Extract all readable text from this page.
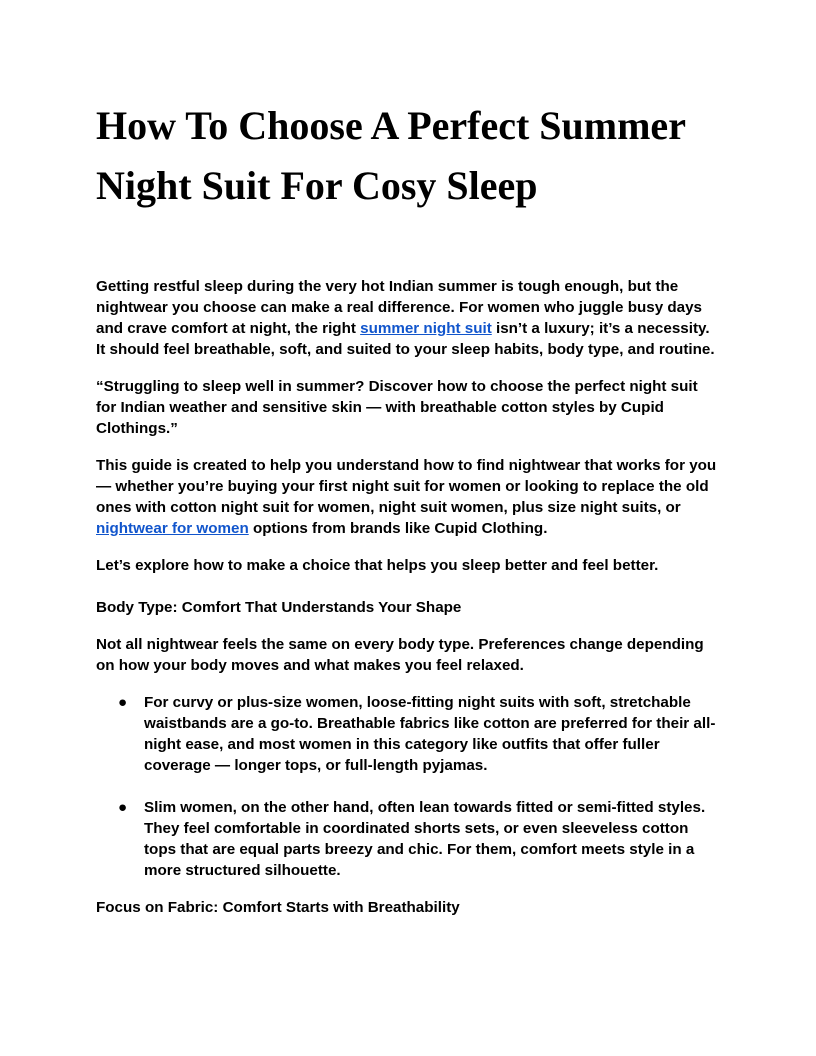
How To Choose A Perfect Summer Night Suit For Cosy Sleep

Getting restful sleep during the very hot Indian summer is tough enough, but the nightwear you choose can make a real difference. For women who juggle busy days and crave comfort at night, the right summer night suit isn’t a luxury; it’s a necessity. It should feel breathable, soft, and suited to your sleep habits, body type, and routine.

“Struggling to sleep well in summer? Discover how to choose the perfect night suit for Indian weather and sensitive skin — with breathable cotton styles by Cupid Clothings.”

This guide is created to help you understand how to find nightwear that works for you — whether you’re buying your first night suit for women or looking to replace the old ones with cotton night suit for women, night suit women, plus size night suits, or nightwear for women options from brands like Cupid Clothing.

Let’s explore how to make a choice that helps you sleep better and feel better.

Body Type: Comfort That Understands Your Shape

Not all nightwear feels the same on every body type. Preferences change depending on how your body moves and what makes you feel relaxed.

● For curvy or plus-size women, loose-fitting night suits with soft, stretchable waistbands are a go-to. Breathable fabrics like cotton are preferred for their all-night ease, and most women in this category like outfits that offer fuller coverage — longer tops, or full-length pyjamas.
● Slim women, on the other hand, often lean towards fitted or semi-fitted styles. They feel comfortable in coordinated shorts sets, or even sleeveless cotton tops that are equal parts breezy and chic. For them, comfort meets style in a more structured silhouette.

Focus on Fabric: Comfort Starts with Breathability
